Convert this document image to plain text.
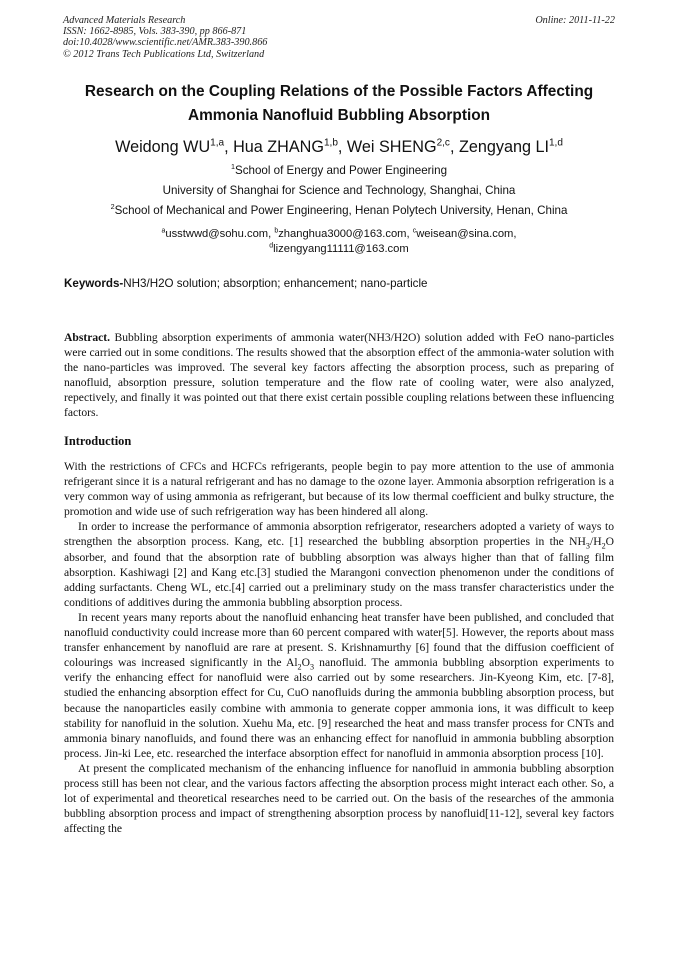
Advanced Materials Research
ISSN: 1662-8985, Vols. 383-390, pp 866-871
doi:10.4028/www.scientific.net/AMR.383-390.866
© 2012 Trans Tech Publications Ltd, Switzerland
Online: 2011-11-22
Research on the Coupling Relations of the Possible Factors Affecting
Ammonia Nanofluid Bubbling Absorption
Weidong WU$^{1,a}$, Hua ZHANG$^{1,b}$, Wei SHENG$^{2,c}$, Zengyang LI$^{1,d}$
$^1$School of Energy and Power Engineering
University of Shanghai for Science and Technology, Shanghai, China
$^2$School of Mechanical and Power Engineering, Henan Polytech University, Henan, China
$^a$usstwwd@sohu.com, $^b$zhanghua3000@163.com, $^c$weisean@sina.com,
$^d$lizengyang11111@163.com
Keywords-NH3/H2O solution; absorption; enhancement; nano-particle

Abstract. Bubbling absorption experiments of ammonia water(NH3/H2O) solution added with FeO nano-particles were carried out in some conditions. The results showed that the absorption effect of the ammonia-water solution with the nano-particles was improved. The several key factors affecting the absorption process, such as preparing of nanofluid, absorption pressure, solution temperature and the flow rate of cooling water, were also analyzed, repectively, and finally it was pointed out that there exist certain possible coupling relations between these influencing factors.

Introduction

With the restrictions of CFCs and HCFCs refrigerants, people begin to pay more attention to the use of ammonia refrigerant since it is a natural refrigerant and has no damage to the ozone layer. Ammonia absorption refrigeration is a very common way of using ammonia as refrigerant, but because of its low thermal coefficient and bulky structure, the promotion and wide use of such refrigeration way has been hindered all along.

In order to increase the performance of ammonia absorption refrigerator, researchers adopted a variety of ways to strengthen the absorption process. Kang, etc. [1] researched the bubbling absorption properties in the $NH_3/H_2O$ absorber, and found that the absorption rate of bubbling absorption was always higher than that of falling film absorption. Kashiwagi [2] and Kang etc.[3] studied the Marangoni convection phenomenon under the conditions of adding surfactants. Cheng WL, etc.[4] carried out a preliminary study on the mass transfer characteristics under the conditions of additives during the ammonia bubbling absorption process.

In recent years many reports about the nanofluid enhancing heat transfer have been published, and concluded that nanofluid conductivity could increase more than 60 percent compared with water[5]. However, the reports about mass transfer enhancement by nanofluid are rare at present. S. Krishnamurthy [6] found that the diffusion coefficient of colourings was increased significantly in the $Al_2O_3$ nanofluid. The ammonia bubbling absorption experiments to verify the enhancing effect for nanofluid were also carried out by some researchers. Jin-Kyeong Kim, etc. [7-8], studied the enhancing absorption effect for Cu, CuO nanofluids during the ammonia bubbling absorption process, but because the nanoparticles easily combine with ammonia to generate copper ammonia ions, it was difficult to keep stability for nanofluid in the solution. Xuehu Ma, etc. [9] researched the heat and mass transfer process for CNTs and ammonia binary nanofluids, and found there was an enhancing effect for nanofluid in ammonia bubbling absorption process. Jin-ki Lee, etc. researched the interface absorption effect for nanofluid in ammonia absorption process [10].

At present the complicated mechanism of the enhancing influence for nanofluid in ammonia bubbling absorption process still has been not clear, and the various factors affecting the absorption process might interact each other. So, a lot of experimental and theoretical researches need to be carried out. On the basis of the researches of the ammonia bubbling absorption process and impact of strengthening absorption process by nanofluid[11-12], several key factors affecting the
